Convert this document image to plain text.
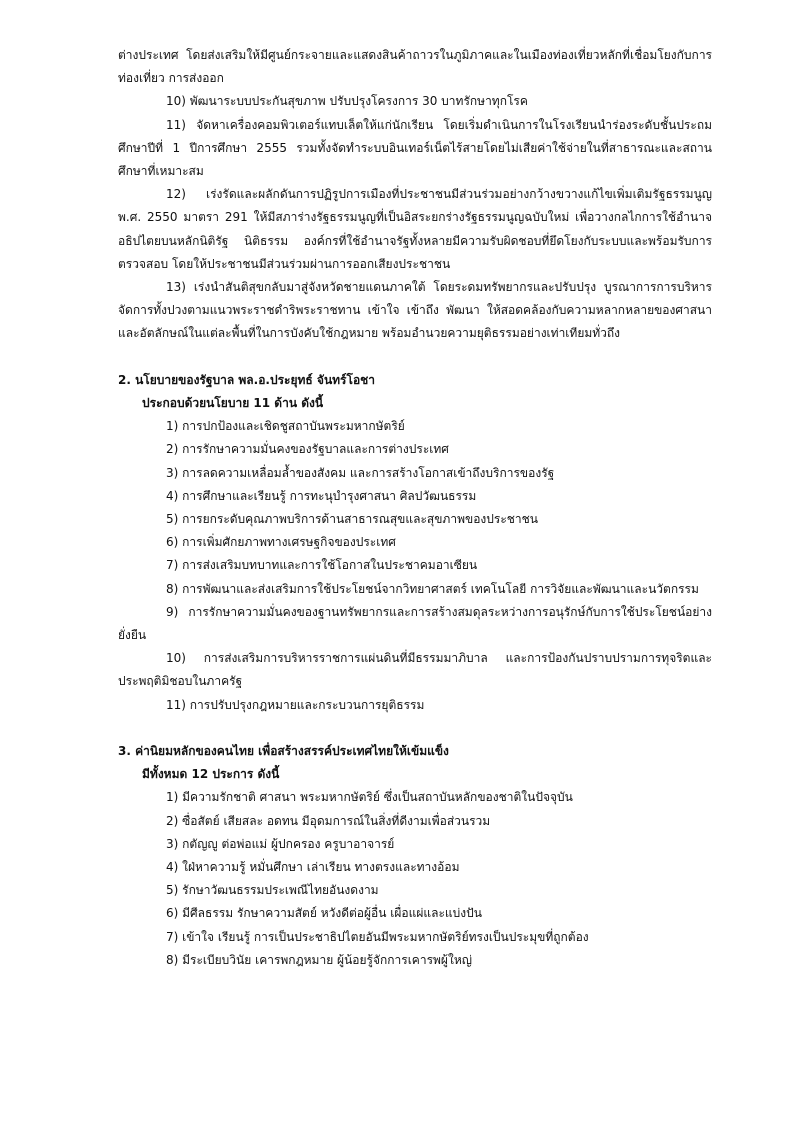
ต่างประเทศ โดยส่งเสริมให้มีศูนย์กระจายและแสดงสินค้าถาวรในภูมิภาคและในเมืองท่องเที่ยวหลักที่เชื่อมโยงกับการท่องเที่ยว การส่งออก

10) พัฒนาระบบประกันสุขภาพ ปรับปรุงโครงการ 30 บาทรักษาทุกโรค

11) จัดหาเครื่องคอมพิวเตอร์แทบเล็ตให้แก่นักเรียน โดยเริ่มดำเนินการในโรงเรียนนำร่องระดับชั้นประถมศึกษาปีที่ 1 ปีการศึกษา 2555 รวมทั้งจัดทำระบบอินเทอร์เน็ตไร้สายโดยไม่เสียค่าใช้จ่ายในที่สาธารณะและสถานศึกษาที่เหมาะสม

12) เร่งรัดและผลักดันการปฏิรูปการเมืองที่ประชาชนมีส่วนร่วมอย่างกว้างขวางแก้ไขเพิ่มเติมรัฐธรรมนูญ พ.ศ. 2550 มาตรา 291 ให้มีสภาร่างรัฐธรรมนูญที่เป็นอิสระยกร่างรัฐธรรมนูญฉบับใหม่ เพื่อวางกลไกการใช้อำนาจอธิปไตยบนหลักนิติรัฐ นิติธรรม องค์กรที่ใช้อำนาจรัฐทั้งหลายมีความรับผิดชอบที่ยึดโยงกับระบบและพร้อมรับการตรวจสอบ โดยให้ประชาชนมีส่วนร่วมผ่านการออกเสียงประชาชน

13) เร่งนำสันติสุขกลับมาสู่จังหวัดชายแดนภาคใต้ โดยระดมทรัพยากรและปรับปรุง บูรณาการการบริหารจัดการทั้งปวงตามแนวพระราชดำริพระราชทาน เข้าใจ เข้าถึง พัฒนา ให้สอดคล้องกับความหลากหลายของศาสนาและอัตลักษณ์ในแต่ละพื้นที่ในการบังคับใช้กฎหมาย พร้อมอำนวยความยุติธรรมอย่างเท่าเทียมทั่วถึง

2. นโยบายของรัฐบาล พล.อ.ประยุทธ์ จันทร์โอชา

ประกอบด้วยนโยบาย 11 ด้าน ดังนี้

1) การปกป้องและเชิดชูสถาบันพระมหากษัตริย์

2) การรักษาความมั่นคงของรัฐบาลและการต่างประเทศ

3) การลดความเหลื่อมล้ำของสังคม และการสร้างโอกาสเข้าถึงบริการของรัฐ

4) การศึกษาและเรียนรู้ การทะนุบำรุงศาสนา ศิลปวัฒนธรรม

5) การยกระดับคุณภาพบริการด้านสาธารณสุขและสุขภาพของประชาชน

6) การเพิ่มศักยภาพทางเศรษฐกิจของประเทศ

7) การส่งเสริมบทบาทและการใช้โอกาสในประชาคมอาเซียน

8) การพัฒนาและส่งเสริมการใช้ประโยชน์จากวิทยาศาสตร์ เทคโนโลยี การวิจัยและพัฒนาและนวัตกรรม

9) การรักษาความมั่นคงของฐานทรัพยากรและการสร้างสมดุลระหว่างการอนุรักษ์กับการใช้ประโยชน์อย่างยั่งยืน

10) การส่งเสริมการบริหารราชการแผ่นดินที่มีธรรมมาภิบาล และการป้องกันปราบปรามการทุจริตและประพฤติมิชอบในภาครัฐ

11) การปรับปรุงกฎหมายและกระบวนการยุติธรรม

3. ค่านิยมหลักของคนไทย เพื่อสร้างสรรค์ประเทศไทยให้เข้มแข็ง

มีทั้งหมด 12 ประการ ดังนี้

1) มีความรักชาติ ศาสนา พระมหากษัตริย์ ซึ่งเป็นสถาบันหลักของชาติในปัจจุบัน

2) ซื่อสัตย์ เสียสละ อดทน มีอุดมการณ์ในสิ่งที่ดีงามเพื่อส่วนรวม

3) กตัญญู ต่อพ่อแม่ ผู้ปกครอง ครูบาอาจารย์

4) ใฝ่หาความรู้ หมั่นศึกษา เล่าเรียน ทางตรงและทางอ้อม

5) รักษาวัฒนธรรมประเพณีไทยอันงดงาม

6) มีศีลธรรม รักษาความสัตย์ หวังดีต่อผู้อื่น เผื่อแผ่และแบ่งปัน

7) เข้าใจ เรียนรู้ การเป็นประชาธิปไตยอันมีพระมหากษัตริย์ทรงเป็นประมุขที่ถูกต้อง

8) มีระเบียบวินัย เคารพกฎหมาย ผู้น้อยรู้จักการเคารพผู้ใหญ่
